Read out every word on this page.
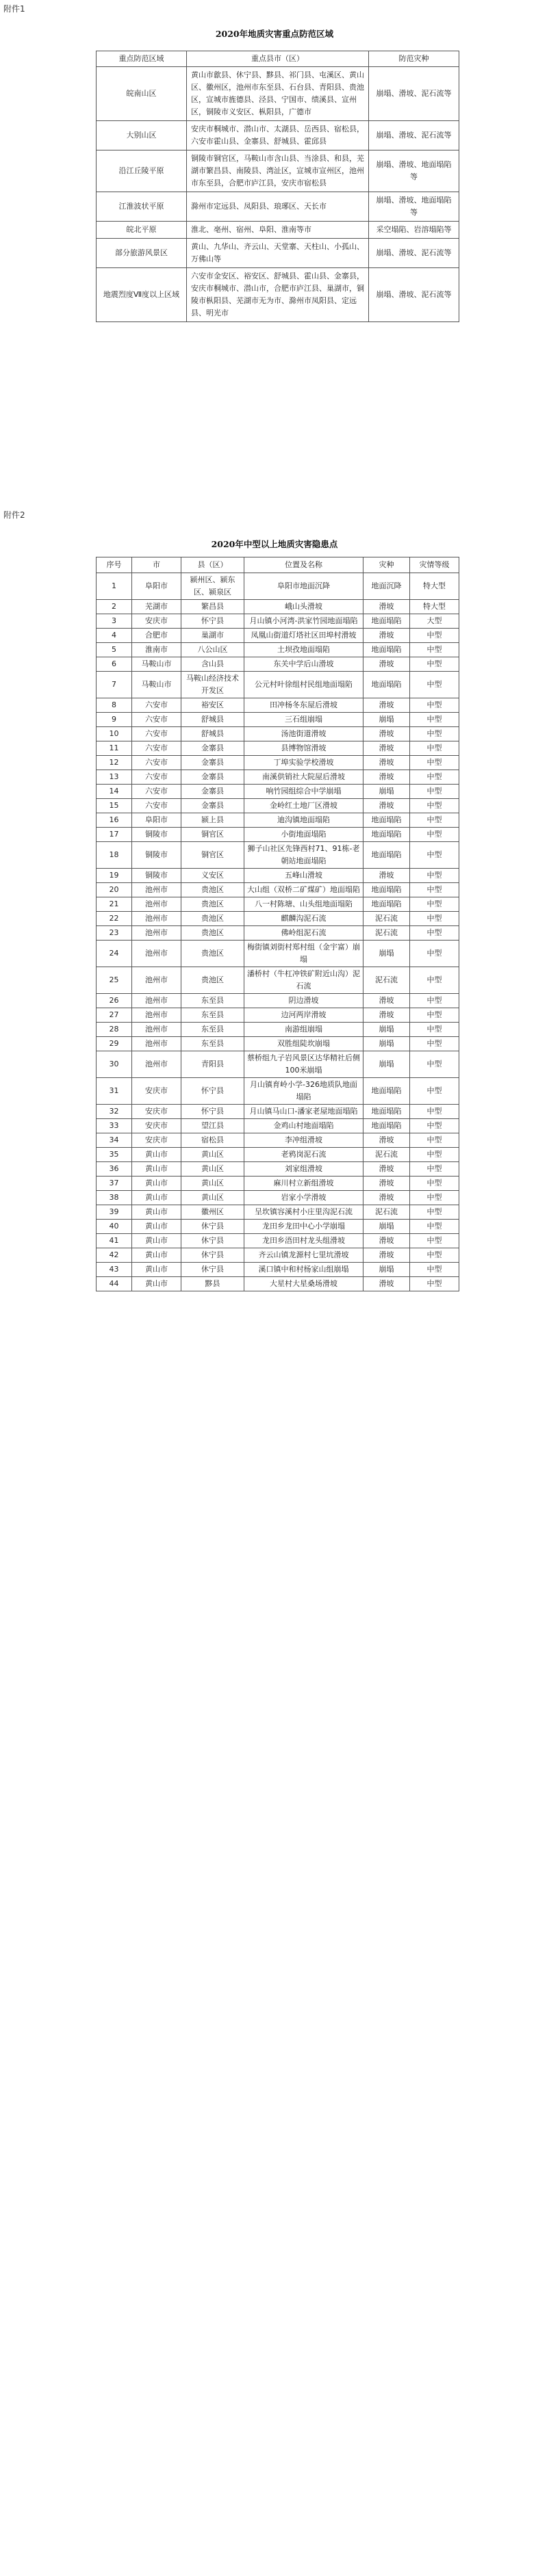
附件1
2020年地质灾害重点防范区域
重点防范区域	重点县市（区）	防范灾种
皖南山区	黄山市歙县、休宁县、黟县、祁门县、屯溪区、黄山区、徽州区，池州市东至县、石台县、青阳县、贵池区，宣城市旌德县、泾县、宁国市、绩溪县、宣州区，铜陵市义安区、枞阳县，广德市	崩塌、滑坡、泥石流等
大别山区	安庆市桐城市、潜山市、太湖县、岳西县、宿松县，六安市霍山县、金寨县、舒城县、霍邱县	崩塌、滑坡、泥石流等
沿江丘陵平原	铜陵市铜官区，马鞍山市含山县、当涂县、和县，芜湖市繁昌县、南陵县、湾沚区，宣城市宣州区，池州市东至县，合肥市庐江县，安庆市宿松县	崩塌、滑坡、地面塌陷等
江淮波状平原	滁州市定远县、凤阳县、琅琊区、天长市	崩塌、滑坡、地面塌陷等
皖北平原	淮北、亳州、宿州、阜阳、淮南等市	采空塌陷、岩溶塌陷等
部分旅游风景区	黄山、九华山、齐云山、天堂寨、天柱山、小孤山、万佛山等	崩塌、滑坡、泥石流等
地震烈度Ⅶ度以上区域	六安市金安区、裕安区、舒城县、霍山县、金寨县，安庆市桐城市、潜山市，合肥市庐江县、巢湖市，铜陵市枞阳县、芜湖市无为市、滁州市凤阳县、定远县、明光市	崩塌、滑坡、泥石流等
附件2
2020年中型以上地质灾害隐患点
序号	市	县（区）	位置及名称	灾种	灾情等级
1	阜阳市	颍州区、颍东区、颍泉区	阜阳市地面沉降	地面沉降	特大型
2	芜湖市	繁昌县	峨山头滑坡	滑坡	特大型
3	安庆市	怀宁县	月山镇小河湾-洪家竹园地面塌陷	地面塌陷	大型
4	合肥市	巢湖市	凤凰山街道灯塔社区田埠村滑坡	滑坡	中型
5	淮南市	八公山区	土坝孜地面塌陷	地面塌陷	中型
6	马鞍山市	含山县	东关中学后山滑坡	滑坡	中型
7	马鞍山市	马鞍山经济技术开发区	公元村叶徐组村民组地面塌陷	地面塌陷	中型
8	六安市	裕安区	田冲杨冬东屋后滑坡	滑坡	中型
9	六安市	舒城县	三石组崩塌	崩塌	中型
10	六安市	舒城县	汤池街道滑坡	滑坡	中型
11	六安市	金寨县	县博物馆滑坡	滑坡	中型
12	六安市	金寨县	丁埠实验学校滑坡	滑坡	中型
13	六安市	金寨县	南溪供销社大院屋后滑坡	滑坡	中型
14	六安市	金寨县	响竹园组综合中学崩塌	崩塌	中型
15	六安市	金寨县	金岭红土地厂区滑坡	滑坡	中型
16	阜阳市	颍上县	迪沟镇地面塌陷	地面塌陷	中型
17	铜陵市	铜官区	小街地面塌陷	地面塌陷	中型
18	铜陵市	铜官区	狮子山社区先锋西村71、91栋-老朝站地面塌陷	地面塌陷	中型
19	铜陵市	义安区	五峰山滑坡	滑坡	中型
20	池州市	贵池区	大山组（双桥二矿煤矿）地面塌陷	地面塌陷	中型
21	池州市	贵池区	八一村陈塘、山头组地面塌陷	地面塌陷	中型
22	池州市	贵池区	麒麟沟泥石流	泥石流	中型
23	池州市	贵池区	佛岭组泥石流	泥石流	中型
24	池州市	贵池区	梅街镇刘街村郑村组（金宇富）崩塌	崩塌	中型
25	池州市	贵池区	潘桥村（牛杠冲铁矿附近山沟）泥石流	泥石流	中型
26	池州市	东至县	阴边滑坡	滑坡	中型
27	池州市	东至县	边河两岸滑坡	滑坡	中型
28	池州市	东至县	南游组崩塌	崩塌	中型
29	池州市	东至县	双胜组陡坎崩塌	崩塌	中型
30	池州市	青阳县	蔡桥组九子岩风景区达华精社后侧100米崩塌	崩塌	中型
31	安庆市	怀宁县	月山镇育岭小学-326地质队地面塌陷	地面塌陷	中型
32	安庆市	怀宁县	月山镇马山口-潘家老屋地面塌陷	地面塌陷	中型
33	安庆市	望江县	金鸡山村地面塌陷	地面塌陷	中型
34	安庆市	宿松县	李冲组滑坡	滑坡	中型
35	黄山市	黄山区	老鸦岗泥石流	泥石流	中型
36	黄山市	黄山区	刘家组滑坡	滑坡	中型
37	黄山市	黄山区	麻川村立新组滑坡	滑坡	中型
38	黄山市	黄山区	岩家小学滑坡	滑坡	中型
39	黄山市	徽州区	呈坎镇容溪村小庄里沟泥石流	泥石流	中型
40	黄山市	休宁县	龙田乡龙田中心小学崩塌	崩塌	中型
41	黄山市	休宁县	龙田乡浯田村龙头组滑坡	滑坡	中型
42	黄山市	休宁县	齐云山镇龙源村七里坑滑坡	滑坡	中型
43	黄山市	休宁县	溪口镇中和村杨家山组崩塌	崩塌	中型
44	黄山市	黟县	大星村大星桑场滑坡	滑坡	中型
